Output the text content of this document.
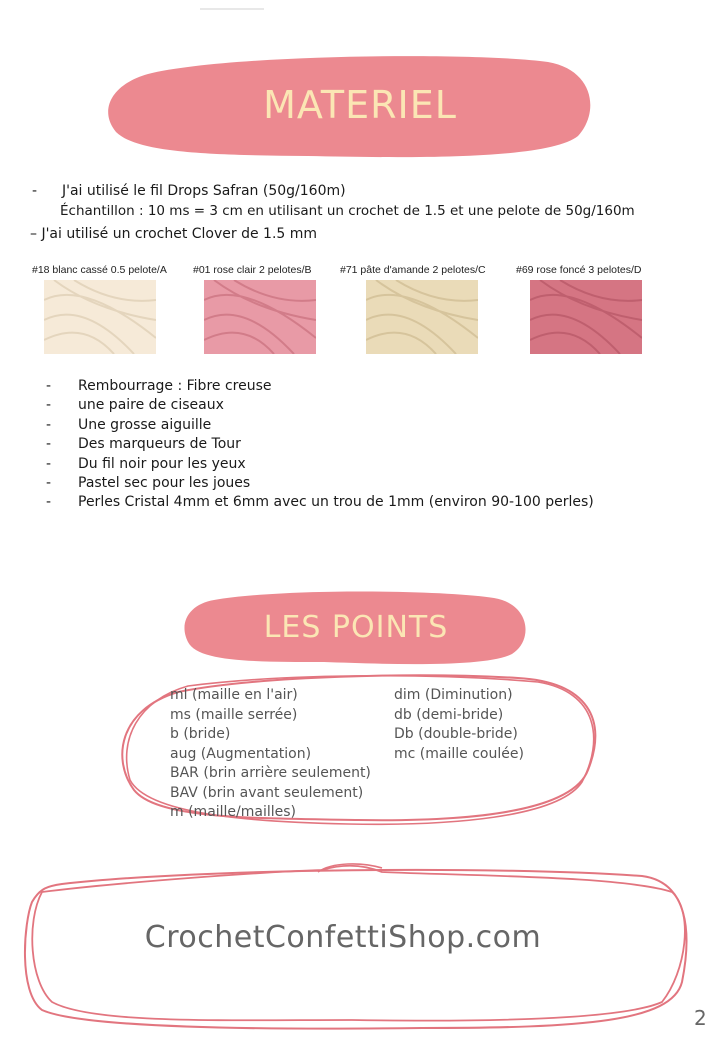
MATERIEL
- J'ai utilisé le fil Drops Safran (50g/160m)
Échantillon : 10 ms = 3 cm en utilisant un crochet de 1.5 et une pelote de 50g/160m
– J'ai utilisé un crochet Clover de 1.5 mm
#18 blanc cassé 0.5 pelote/A #01 rose clair 2 pelotes/B	#71 pâte d'amande 2 pelotes/C	#69 rose foncé 3 pelotes/D
- Rembourrage : Fibre creuse
- une paire de ciseaux
- Une grosse aiguille
- Des marqueurs de Tour
- Du fil noir pour les yeux
- Pastel sec pour les joues
- Perles Cristal 4mm et 6mm avec un trou de 1mm (environ 90-100 perles)
LES POINTS
ml (maille en l'air)
ms (maille serrée)
b (bride)
aug (Augmentation)
BAR (brin arrière seulement)
BAV (brin avant seulement)
m (maille/mailles)
dim (Diminution)
db (demi-bride)
Db (double-bride)
mc (maille coulée)
CrochetConfettiShop.com
2
